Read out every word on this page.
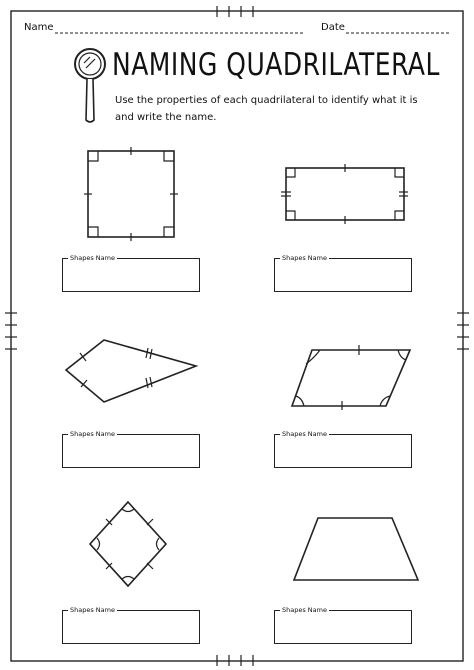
Name	Date
NAMING QUADRILATERAL
Use the properties of each quadrilateral to identify what it is and write the name.
Shapes Name	Shapes Name
Shapes Name	Shapes Name
Shapes Name	Shapes Name
